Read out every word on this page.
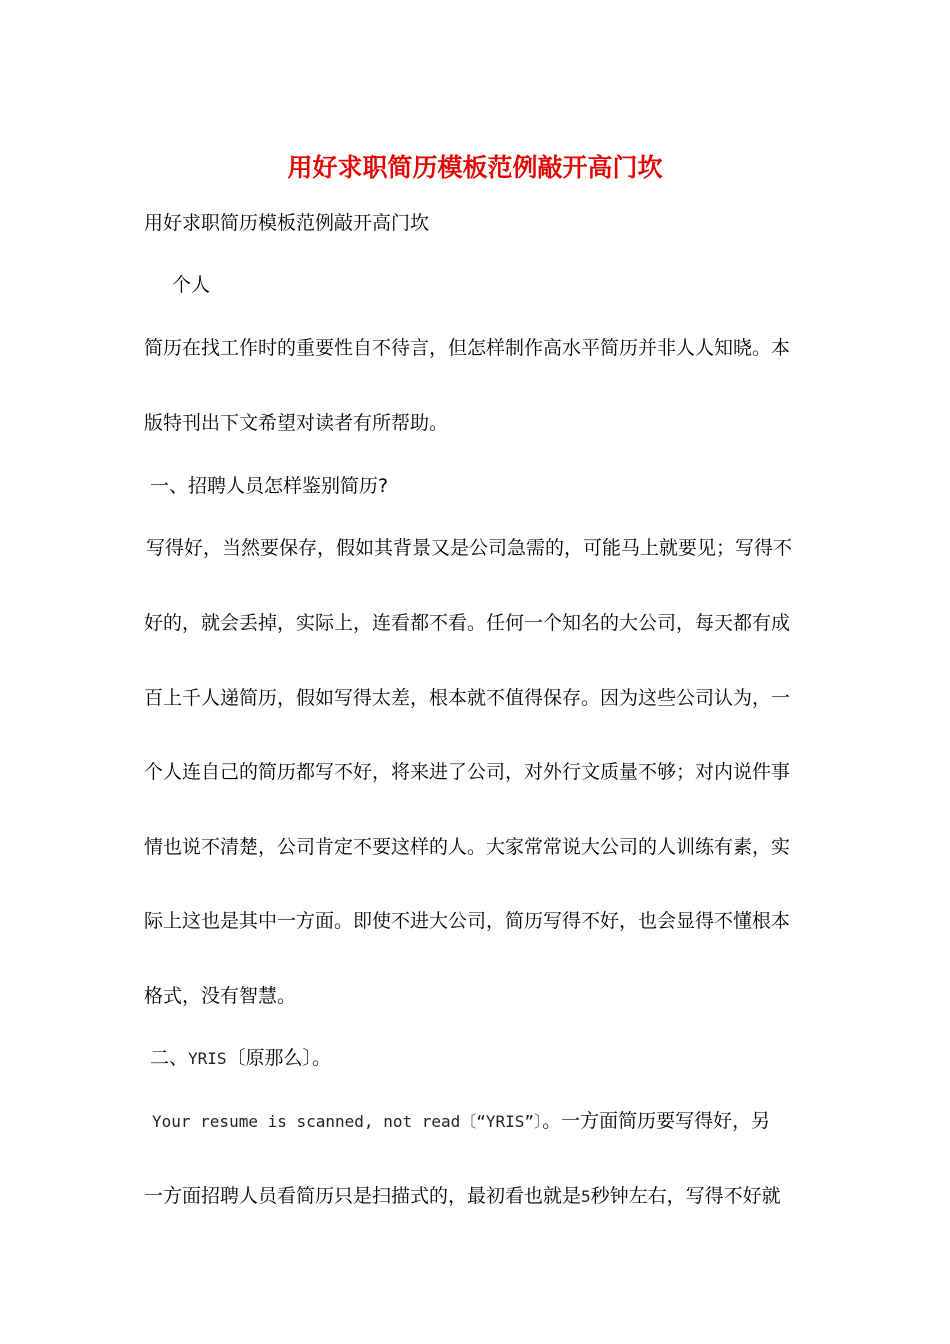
用好求职简历模板范例敲开高门坎

用好求职简历模板范例敲开高门坎

个人

简历在找工作时的重要性自不待言，但怎样制作高水平简历并非人人知晓。本

版特刊出下文希望对读者有所帮助。

一、招聘人员怎样鉴别简历?

写得好，当然要保存，假如其背景又是公司急需的，可能马上就要见；写得不

好的，就会丢掉，实际上，连看都不看。任何一个知名的大公司，每天都有成

百上千人递简历，假如写得太差，根本就不值得保存。因为这些公司认为，一

个人连自己的简历都写不好，将来进了公司，对外行文质量不够；对内说件事

情也说不清楚，公司肯定不要这样的人。大家常常说大公司的人训练有素，实

际上这也是其中一方面。即使不进大公司，简历写得不好，也会显得不懂根本

格式，没有智慧。

二、YRIS〔原那么〕。

Your resume is scanned, not read〔“YRIS”〕。一方面简历要写得好，另

一方面招聘人员看简历只是扫描式的，最初看也就是5秒钟左右，写得不好就
